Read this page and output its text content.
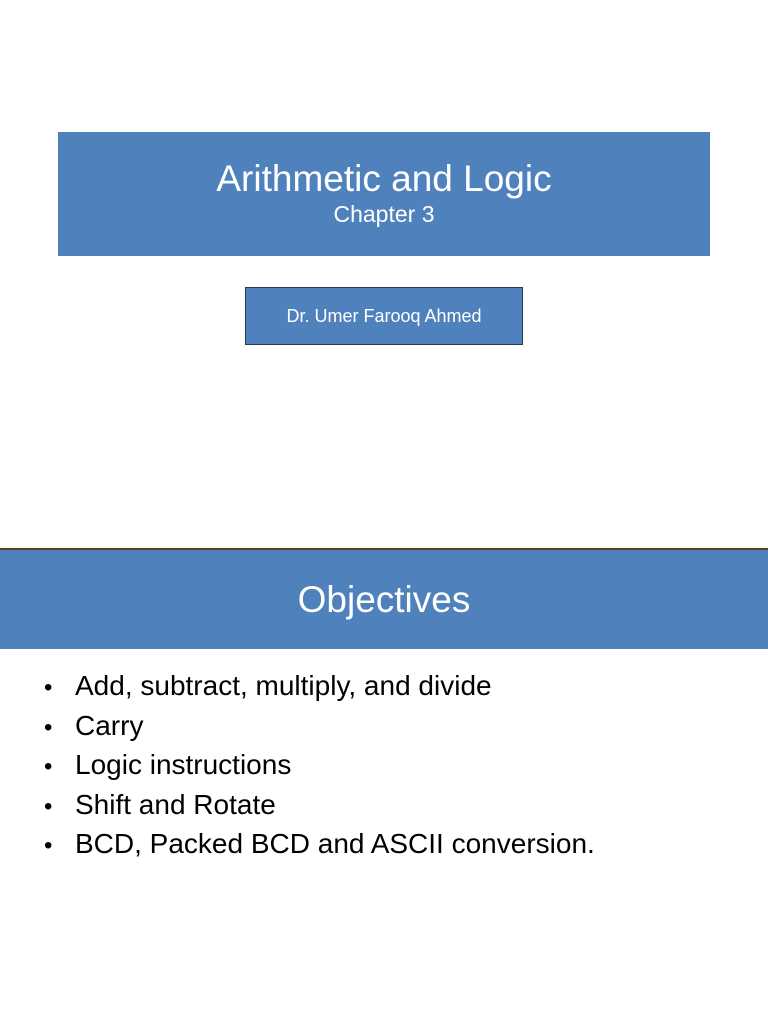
Arithmetic and Logic
Chapter 3
Dr. Umer Farooq Ahmed
Objectives
• Add, subtract, multiply, and divide
• Carry
• Logic instructions
• Shift and Rotate
• BCD, Packed BCD and ASCII conversion.
